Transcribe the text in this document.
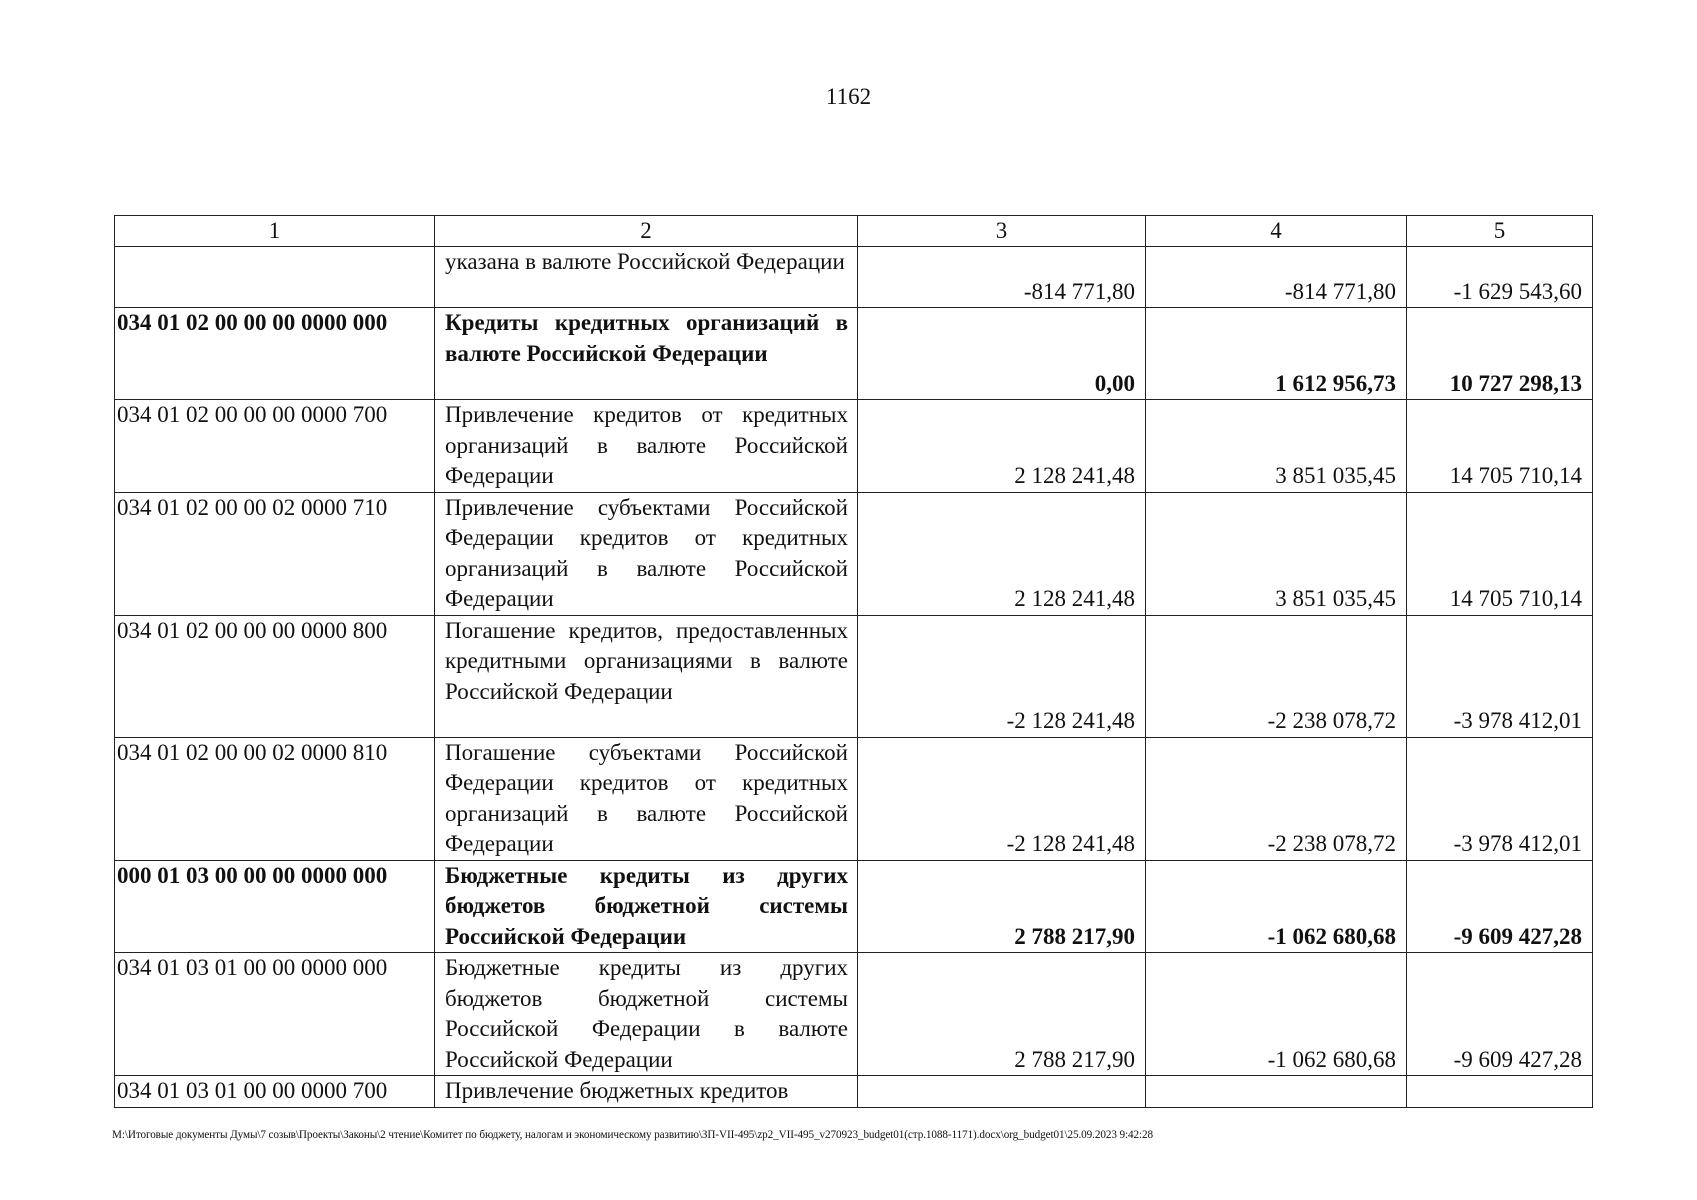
1162
1	2	3	4	5
	указана в валюте Российской Федерации	-814 771,80	-814 771,80	-1 629 543,60
034 01 02 00 00 00 0000 000	Кредиты кредитных организаций в валюте Российской Федерации	0,00	1 612 956,73	10 727 298,13
034 01 02 00 00 00 0000 700	Привлечение кредитов от кредитных организаций в валюте Российской Федерации	2 128 241,48	3 851 035,45	14 705 710,14
034 01 02 00 00 02 0000 710	Привлечение субъектами Российской Федерации кредитов от кредитных организаций в валюте Российской Федерации	2 128 241,48	3 851 035,45	14 705 710,14
034 01 02 00 00 00 0000 800	Погашение кредитов, предоставленных кредитными организациями в валюте Российской Федерации	-2 128 241,48	-2 238 078,72	-3 978 412,01
034 01 02 00 00 02 0000 810	Погашение субъектами Российской Федерации кредитов от кредитных организаций в валюте Российской Федерации	-2 128 241,48	-2 238 078,72	-3 978 412,01
000 01 03 00 00 00 0000 000	Бюджетные кредиты из других бюджетов бюджетной системы Российской Федерации	2 788 217,90	-1 062 680,68	-9 609 427,28
034 01 03 01 00 00 0000 000	Бюджетные кредиты из других бюджетов бюджетной системы Российской Федерации в валюте Российской Федерации	2 788 217,90	-1 062 680,68	-9 609 427,28
034 01 03 01 00 00 0000 700	Привлечение бюджетных кредитов			
M:\Итоговые документы Думы\7 созыв\Проекты\Законы\2 чтение\Комитет по бюджету, налогам и экономическому развитию\ЗП-VII-495\zp2_VII-495_v270923_budget01(стр.1088-1171).docx\org_budget01\25.09.2023 9:42:28
